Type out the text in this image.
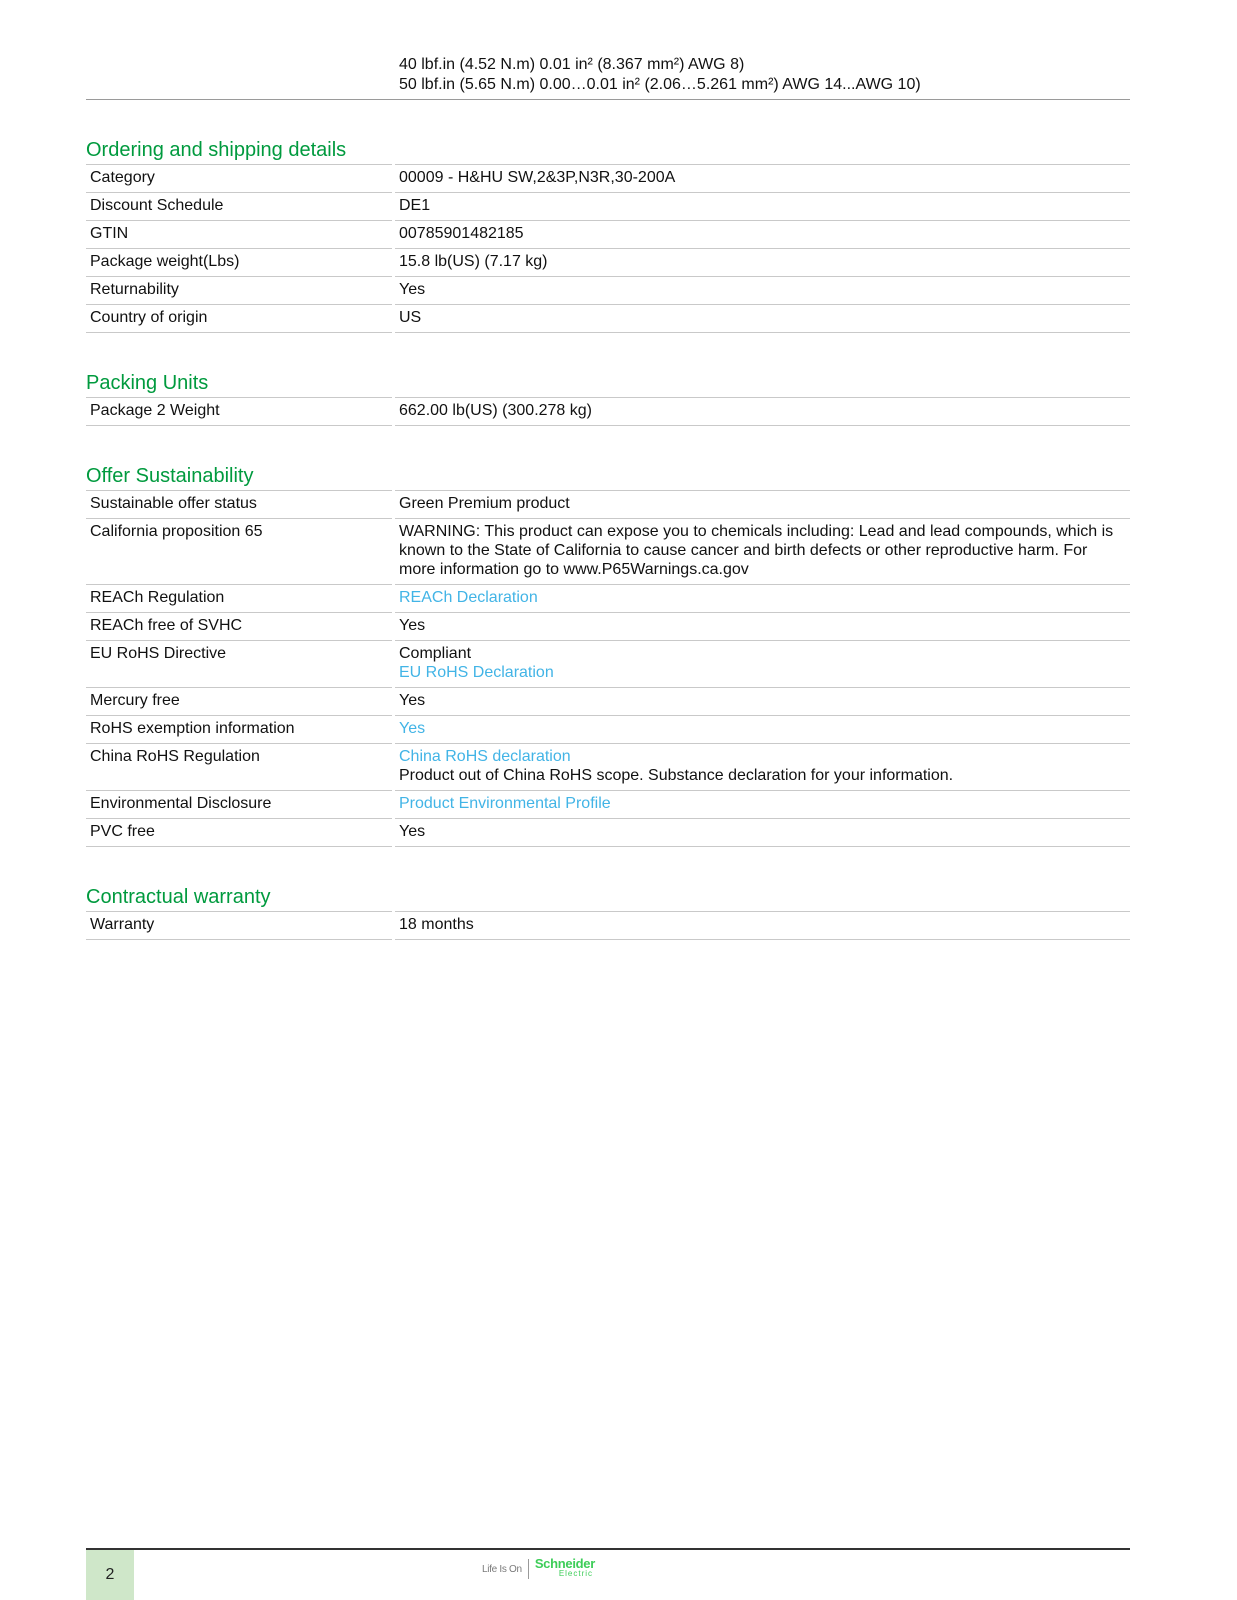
40 lbf.in (4.52 N.m) 0.01 in² (8.367 mm²) AWG 8)
50 lbf.in (5.65 N.m) 0.00…0.01 in² (2.06…5.261 mm²) AWG 14...AWG 10)
Ordering and shipping details
Category		00009 - H&HU SW,2&3P,N3R,30-200A
Discount Schedule		DE1
GTIN		00785901482185
Package weight(Lbs)		15.8 lb(US) (7.17 kg)
Returnability		Yes
Country of origin		US
Packing Units
Package 2 Weight		662.00 lb(US) (300.278 kg)
Offer Sustainability
Sustainable offer status		Green Premium product
California proposition 65		WARNING: This product can expose you to chemicals including: Lead and lead compounds, which is known to the State of California to cause cancer and birth defects or other reproductive harm. For more information go to www.P65Warnings.ca.gov
REACh Regulation		REACh Declaration
REACh free of SVHC		Yes
EU RoHS Directive		Compliant
EU RoHS Declaration

Mercury free		Yes
RoHS exemption information		Yes
China RoHS Regulation		China RoHS declaration
Product out of China RoHS scope. Substance declaration for your information.

Environmental Disclosure		Product Environmental Profile
PVC free		Yes
Contractual warranty
Warranty		18 months
2	Life Is On Schneider
Electric
